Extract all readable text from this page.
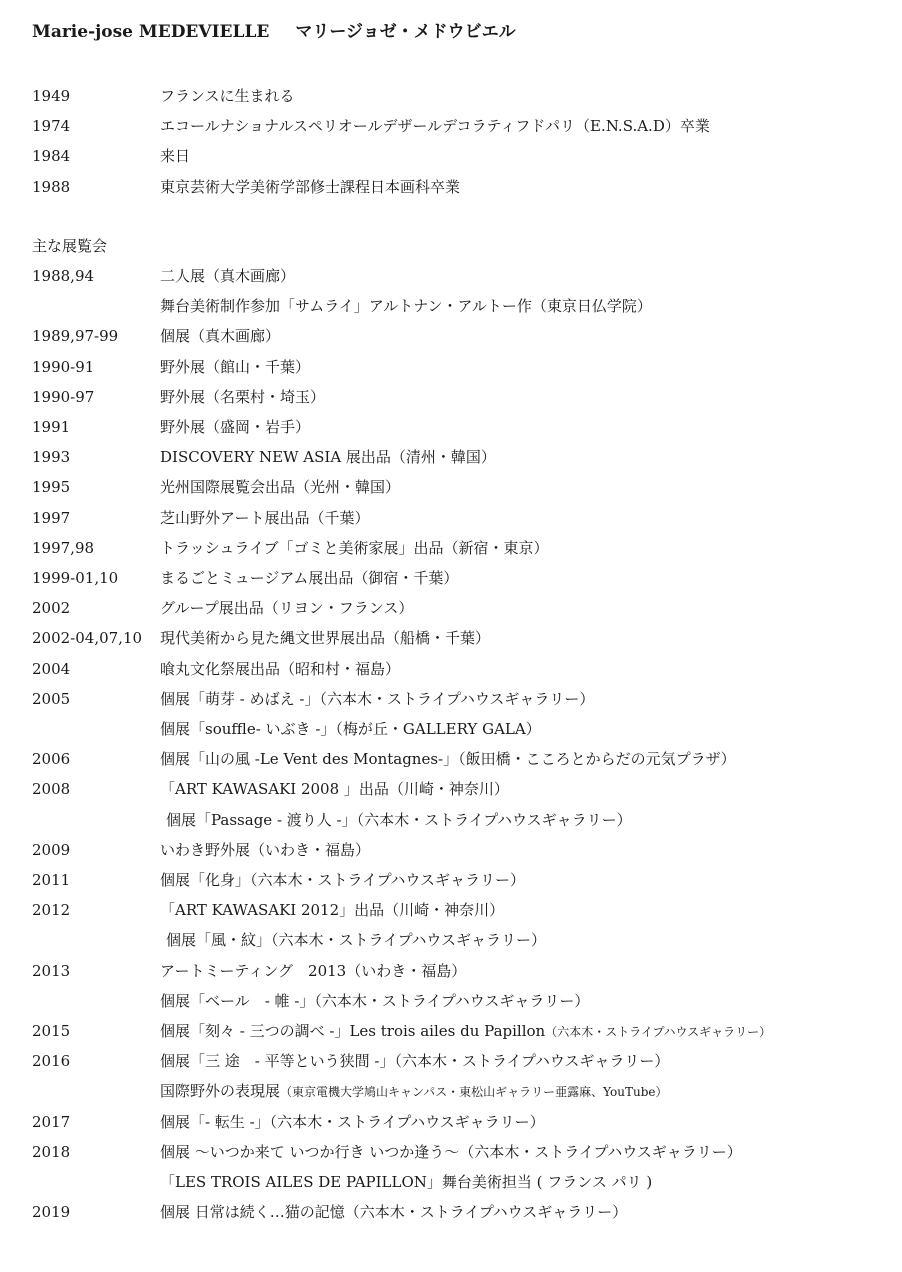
Marie-jose MEDEVIELLE マリージョゼ・メドウビエル
1949	フランスに生まれる
1974	エコールナショナルスペリオールデザールデコラティフドパリ（E.N.S.A.D）卒業
1984	来日
1988	東京芸術大学美術学部修士課程日本画科卒業
主な展覧会
1988,94	二人展（真木画廊）
舞台美術制作参加「サムライ」アルトナン・アルトー作（東京日仏学院）
1989,97-99	個展（真木画廊）
1990-91	野外展（館山・千葉）
1990-97	野外展（名栗村・埼玉）
1991	野外展（盛岡・岩手）
1993	DISCOVERY NEW ASIA 展出品（清州・韓国）
1995	光州国際展覧会出品（光州・韓国）
1997	芝山野外アート展出品（千葉）
1997,98	トラッシュライブ「ゴミと美術家展」出品（新宿・東京）
1999-01,10	まるごとミュージアム展出品（御宿・千葉）
2002	グループ展出品（リヨン・フランス）
2002-04,07,10 現代美術から見た縄文世界展出品（船橋・千葉）
2004	喰丸文化祭展出品（昭和村・福島）
2005	個展「萌芽 - めばえ -」（六本木・ストライプハウスギャラリー）
個展「souffle- いぶき -」（梅が丘・GALLERY GALA）
2006	個展「山の風 -Le Vent des Montagnes-」（飯田橋・こころとからだの元気プラザ）
2008	「ART KAWASAKI 2008 」出品（川崎・神奈川）
個展「Passage - 渡り人 -」（六本木・ストライプハウスギャラリー）
2009	いわき野外展（いわき・福島）
2011	個展「化身」（六本木・ストライプハウスギャラリー）
2012	「ART KAWASAKI 2012」出品（川崎・神奈川）
個展「風・紋」（六本木・ストライプハウスギャラリー）
2013	アートミーティング　2013（いわき・福島）
個展「ベール　- 帷 -」（六本木・ストライプハウスギャラリー）
2015	個展「刻々 - 三つの調べ -」Les trois ailes du Papillon（六本木・ストライプハウスギャラリー）
2016	個展「三 途　- 平等という狭間 -」（六本木・ストライプハウスギャラリー）
国際野外の表現展（東京電機大学鳩山キャンパス・東松山ギャラリー亜露麻、YouTube）
2017	個展「- 転生 -」（六本木・ストライプハウスギャラリー）
2018	個展 ～いつか来て いつか行き いつか逢う～（六本木・ストライプハウスギャラリー）
「LES TROIS AILES DE PAPILLON」舞台美術担当 ( フランス パリ )
2019	個展 日常は続く…猫の記憶（六本木・ストライプハウスギャラリー）
